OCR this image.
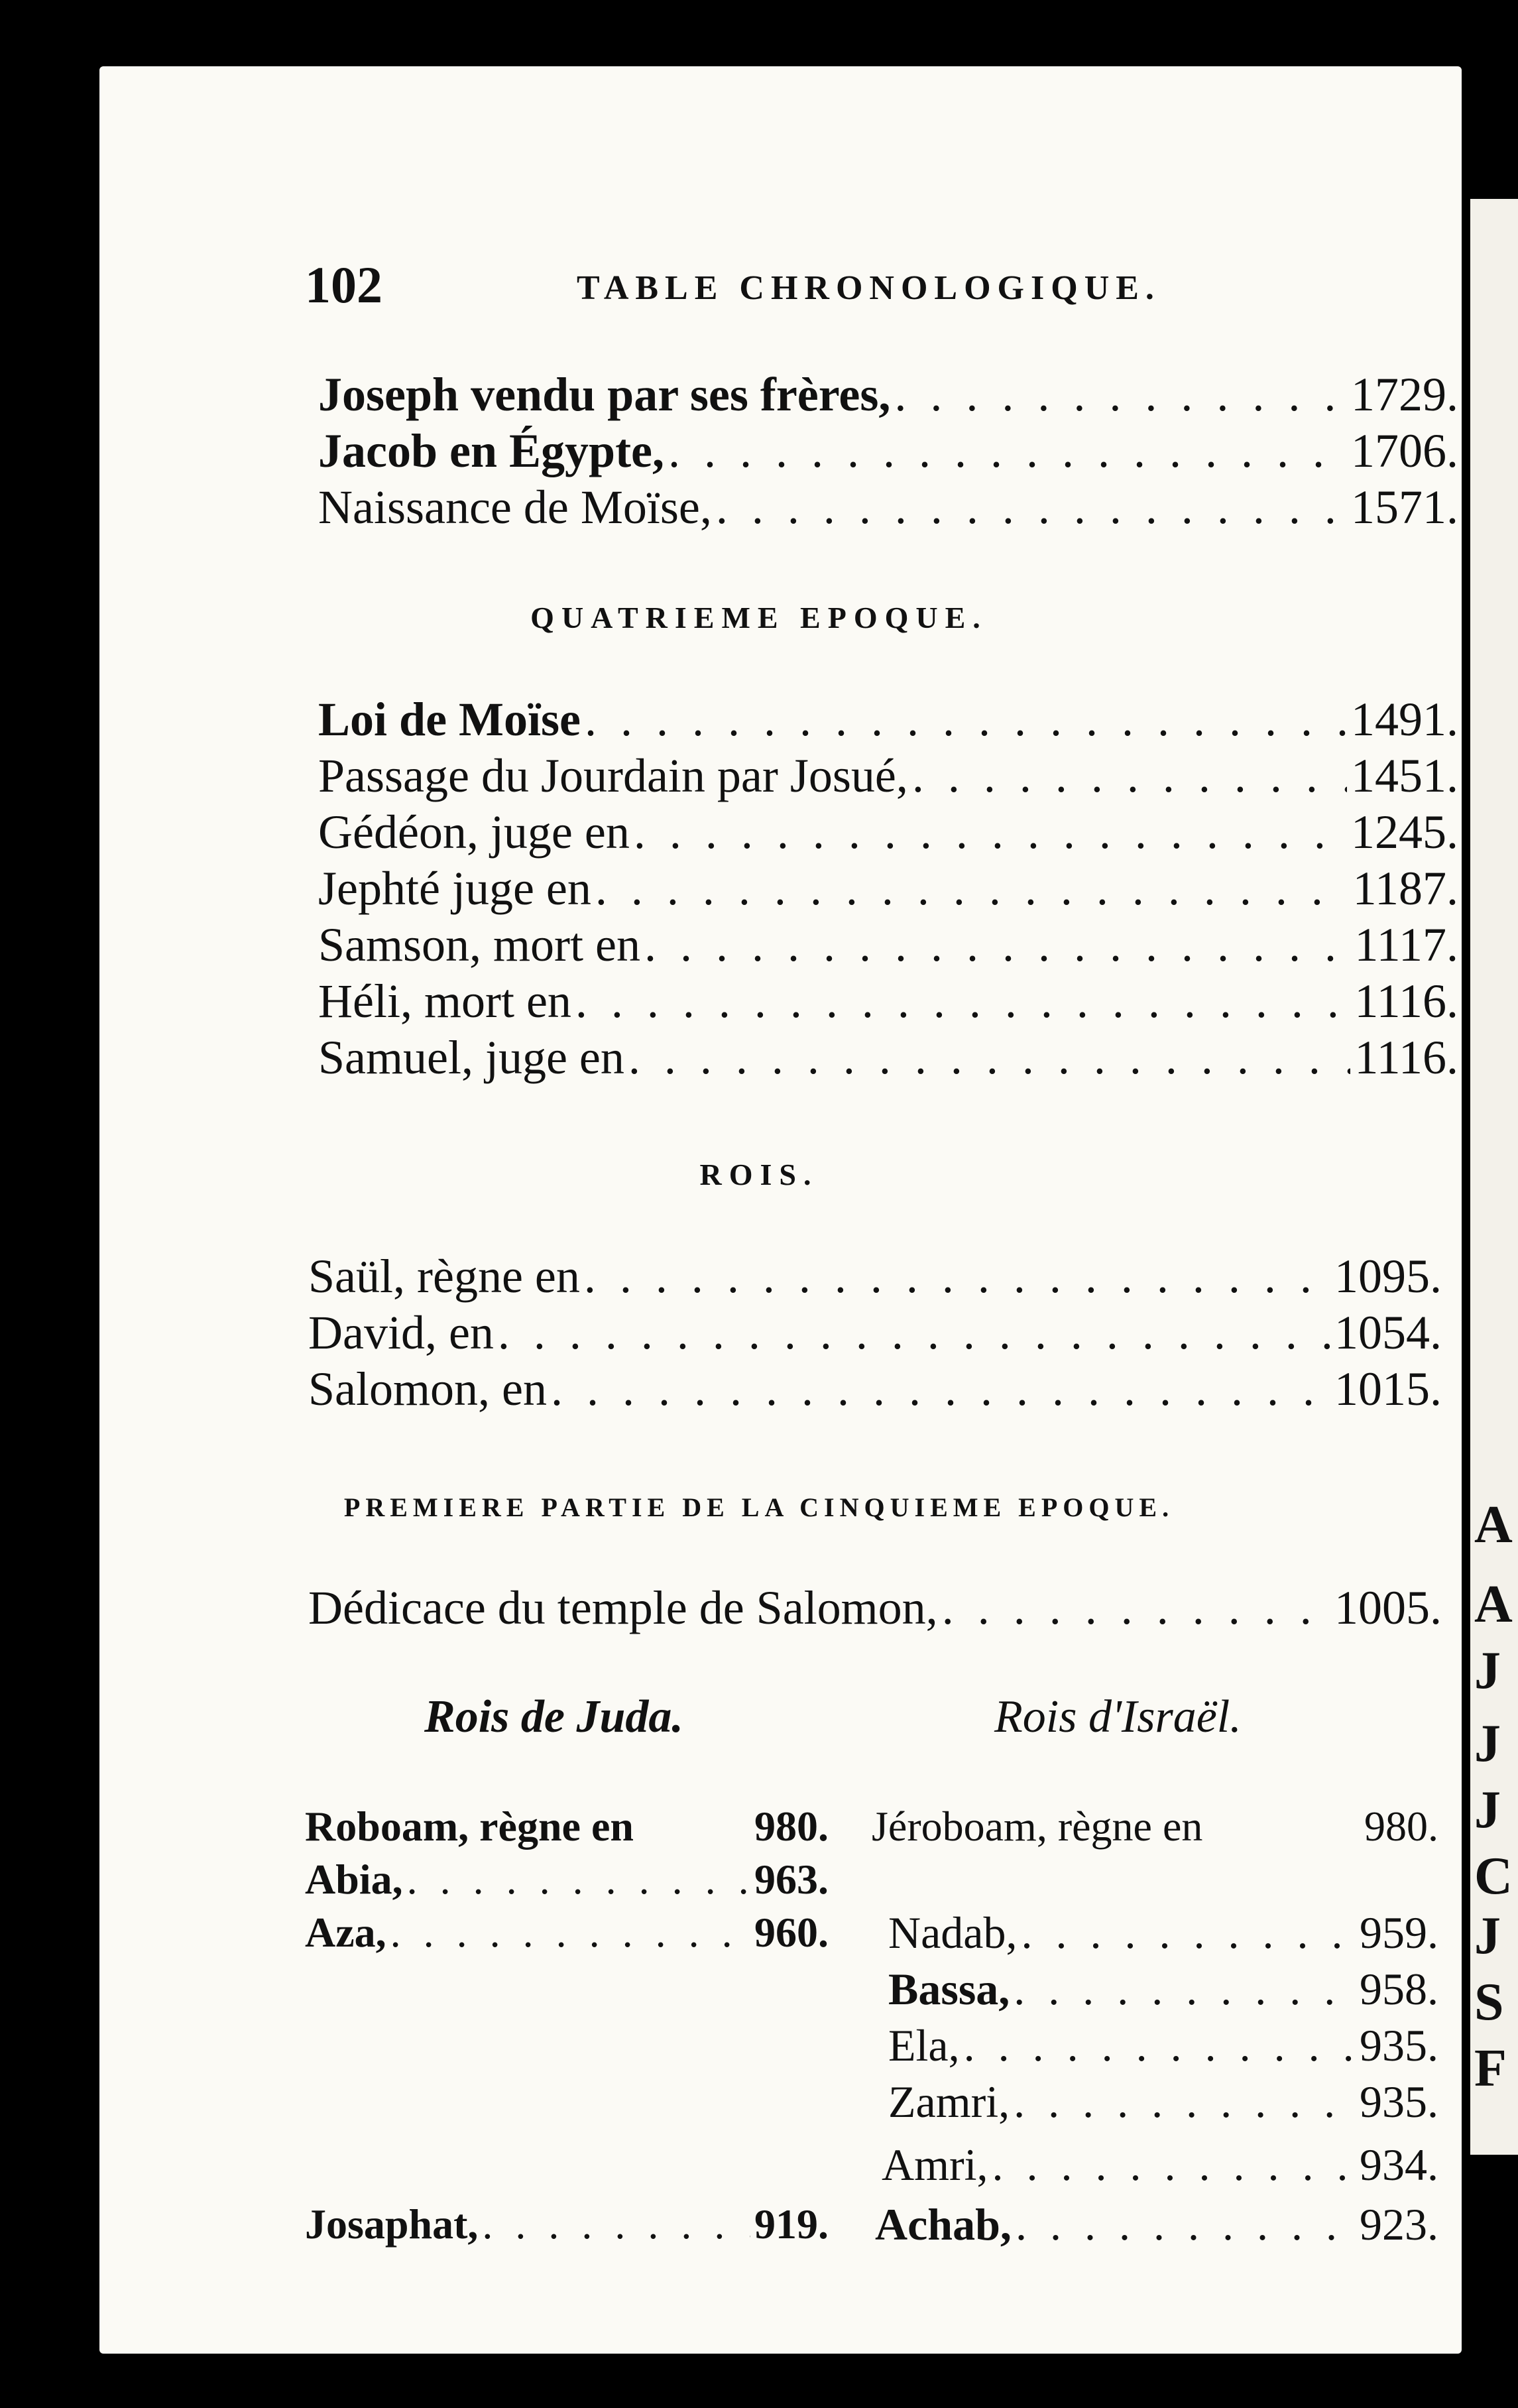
A
A
J
J
J
C
J
S
F
102	TABLE CHRONOLOGIQUE.
Joseph vendu par ses frères, . . .	1729.
Jacob en Égypte, . . .	1706.
Naissance de Moïse, . . .	1571.
QUATRIEME EPOQUE.
Loi de Moïse . . .	1491.
Passage du Jourdain par Josué, . . .	1451.
Gédéon, juge en . . .	1245.
Jephté juge en . . .	1187.
Samson, mort en . . .	1117.
Héli, mort en . . .	1116.
Samuel, juge en . . .	1116.
ROIS.
Saül, règne en . . .	1095.
David, en . . .	1054.
Salomon, en . . .	1015.
PREMIERE PARTIE DE LA CINQUIEME EPOQUE.
Dédicace du temple de Salomon, . . .	1005.
Rois de Juda.	Rois d'Israël.
Roboam, règne en	980.
Abia, . . .	963.
Aza, . . .	960.
Josaphat, . . .	919.
Jéroboam, règne en	980.
Nadab, . . .	959.
Bassa, . . .	958.
Ela, . . .	935.
Zamri, . . .	935.
Amri, . . .	934.
Achab, . . .	923.
